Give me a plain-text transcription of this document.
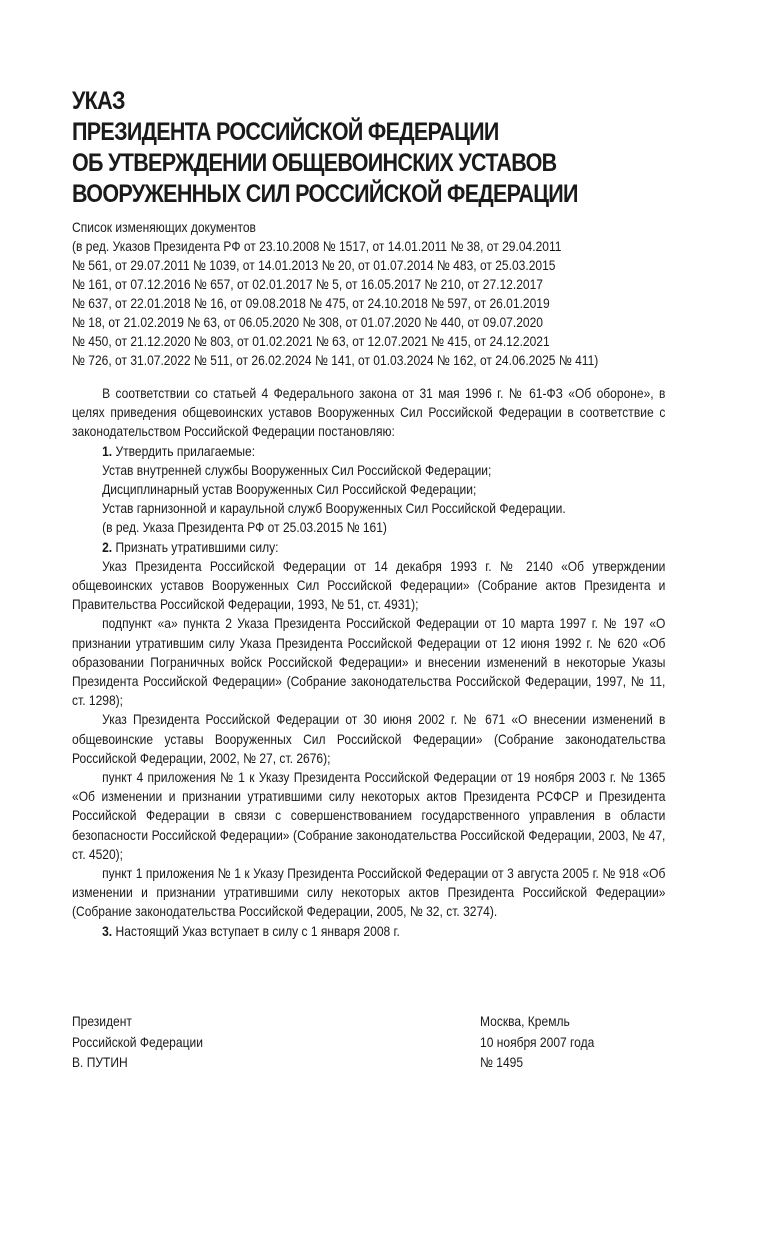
УКАЗ
ПРЕЗИДЕНТА РОССИЙСКОЙ ФЕДЕРАЦИИ
ОБ УТВЕРЖДЕНИИ ОБЩЕВОИНСКИХ УСТАВОВ
ВООРУЖЕННЫХ СИЛ РОССИЙСКОЙ ФЕДЕРАЦИИ
Список изменяющих документов
(в ред. Указов Президента РФ от 23.10.2008 № 1517, от 14.01.2011 № 38, от 29.04.2011
№ 561, от 29.07.2011 № 1039, от 14.01.2013 № 20, от 01.07.2014 № 483, от 25.03.2015
№ 161, от 07.12.2016 № 657, от 02.01.2017 № 5, от 16.05.2017 № 210, от 27.12.2017
№ 637, от 22.01.2018 № 16, от 09.08.2018 № 475, от 24.10.2018 № 597, от 26.01.2019
№ 18, от 21.02.2019 № 63, от 06.05.2020 № 308, от 01.07.2020 № 440, от 09.07.2020
№ 450, от 21.12.2020 № 803, от 01.02.2021 № 63, от 12.07.2021 № 415, от 24.12.2021
№ 726, от 31.07.2022 № 511, от 26.02.2024 № 141, от 01.03.2024 № 162, от 24.06.2025 № 411)

В соответствии со статьей 4 Федерального закона от 31 мая 1996 г. № 61-ФЗ «Об обороне», в целях приведения общевоинских уставов Вооруженных Сил Российской Федерации в соответствие с законодательством Российской Федерации постановляю:

1. Утвердить прилагаемые:

Устав внутренней службы Вооруженных Сил Российской Федерации;

Дисциплинарный устав Вооруженных Сил Российской Федерации;

Устав гарнизонной и караульной служб Вооруженных Сил Российской Федерации.

(в ред. Указа Президента РФ от 25.03.2015 № 161)

2. Признать утратившими силу:

Указ Президента Российской Федерации от 14 декабря 1993 г. № 2140 «Об утверждении общевоинских уставов Вооруженных Сил Российской Федерации» (Собрание актов Президента и Правительства Российской Федерации, 1993, № 51, ст. 4931);

подпункт «а» пункта 2 Указа Президента Российской Федерации от 10 марта 1997 г. № 197 «О признании утратившим силу Указа Президента Российской Федерации от 12 июня 1992 г. № 620 «Об образовании Пограничных войск Российской Федерации» и внесении изменений в некоторые Указы Президента Российской Федерации» (Собрание законодательства Российской Федерации, 1997, № 11, ст. 1298);

Указ Президента Российской Федерации от 30 июня 2002 г. № 671 «О внесении изменений в общевоинские уставы Вооруженных Сил Российской Федерации» (Собрание законодательства Российской Федерации, 2002, № 27, ст. 2676);

пункт 4 приложения № 1 к Указу Президента Российской Федерации от 19 ноября 2003 г. № 1365 «Об изменении и признании утратившими силу некоторых актов Президента РСФСР и Президента Российской Федерации в связи с совершенствованием государственного управления в области безопасности Российской Федерации» (Собрание законодательства Российской Федерации, 2003, № 47, ст. 4520);

пункт 1 приложения № 1 к Указу Президента Российской Федерации от 3 августа 2005 г. № 918 «Об изменении и признании утратившими силу некоторых актов Президента Российской Федерации» (Собрание законодательства Российской Федерации, 2005, № 32, ст. 3274).

3. Настоящий Указ вступает в силу с 1 января 2008 г.

Президент
Российской Федерации
В. ПУТИН
Москва, Кремль
10 ноября 2007 года
№ 1495
